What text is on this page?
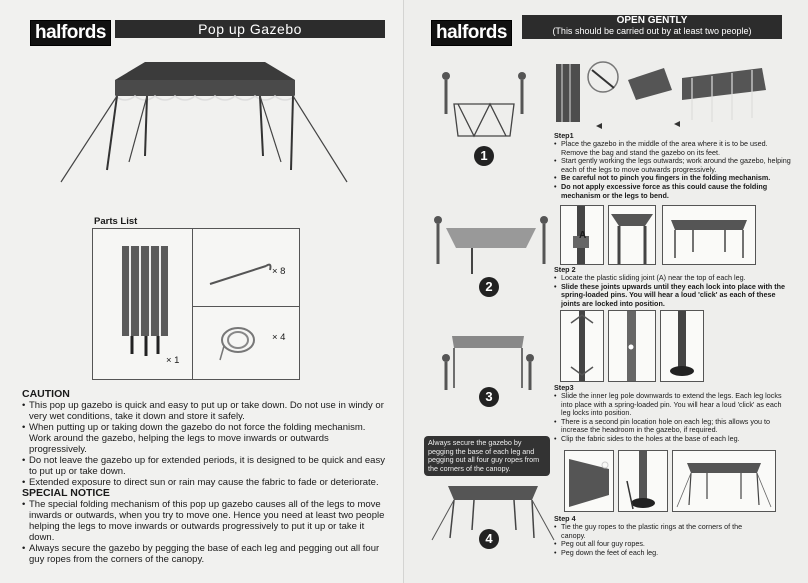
halfords	Pop up Gazebo
Parts List
× 1
× 8
× 4
CAUTION
• This pop up gazebo is quick and easy to put up or take down. Do not use in windy or very wet conditions, take it down and store it safely.
• When putting up or taking down the gazebo do not force the folding mechanism. Work around the gazebo, helping the legs to move inwards or outwards progressively.
• Do not leave the gazebo up for extended periods, it is designed to be quick and easy to put up or take down.
• Extended exposure to direct sun or rain may cause the fabric to fade or deteriorate.
SPECIAL NOTICE
• The special folding mechanism of this pop up gazebo causes all of the legs to move inwards or outwards, when you try to move one. Hence you need at least two people helping the legs to move inwards or outwards progressively to put it up or take it down.
• Always secure the gazebo by pegging the base of each leg and pegging out all four guy ropes from the corners of the canopy.
halfords
OPEN GENTLY
(This should be carried out by at least two people)
1
Step1
• Place the gazebo in the middle of the area where it is to be used. Remove the bag and stand the gazebo on its feet.
• Start gently working the legs outwards; work around the gazebo, helping each of the legs to move outwards progressively.
• Be careful not to pinch you fingers in the folding mechanism.
• Do not apply excessive force as this could cause the folding mechanism or the legs to bend.
2
A
Step 2
• Locate the plastic sliding joint (A) near the top of each leg.
• Slide these joints upwards until they each lock into place with the spring-loaded pins. You will hear a loud 'click' as each of these joints are locked into position.
3
Step3
• Slide the inner leg pole downwards to extend the legs. Each leg locks into place with a spring-loaded pin. You will hear a loud 'click' as each leg locks into position.
• There is a second pin location hole on each leg; this allows you to increase the headroom in the gazebo, if required.
• Clip the fabric sides to the holes at the base of each leg.
Always secure the gazebo by pegging the base of each leg and pegging out all four guy ropes from the corners of the canopy.
4
Step 4
• Tie the guy ropes to the plastic rings at the corners of the canopy.
• Peg out all four guy ropes.
• Peg down the feet of each leg.
